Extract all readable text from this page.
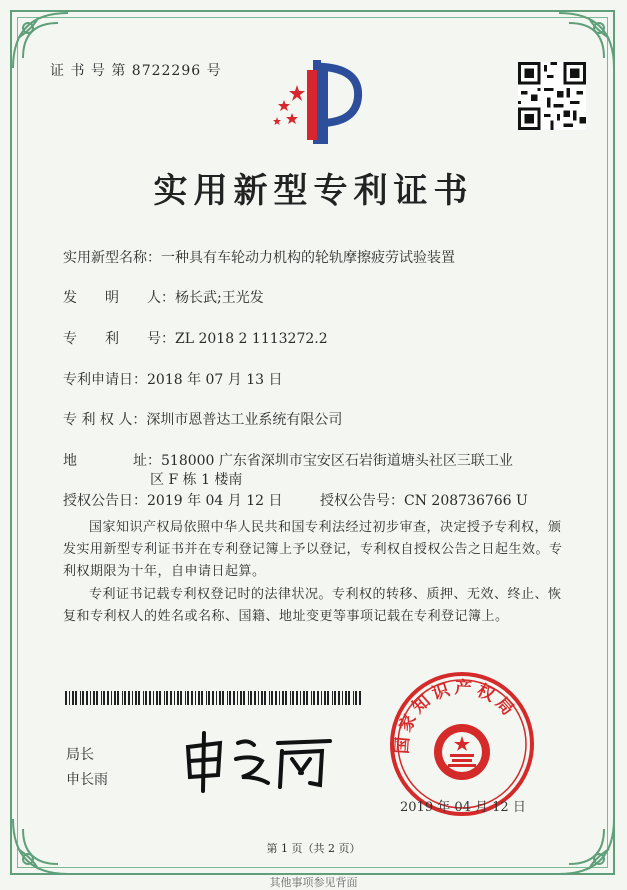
证 书 号 第 8722296 号
实用新型专利证书
实用新型名称：一种具有车轮动力机构的轮轨摩擦疲劳试验装置
发　　明　　人：杨长武;王光发
专　　利　　号：ZL 2018 2 1113272.2
专利申请日：2018 年 07 月 13 日
专 利 权 人：深圳市恩普达工业系统有限公司
地　　　　址：518000 广东省深圳市宝安区石岩街道塘头社区三联工业
区 F 栋 1 楼南
授权公告日：2019 年 04 月 12 日	授权公告号：CN 208736766 U
国家知识产权局依照中华人民共和国专利法经过初步审查，决定授予专利权，颁发实用新型专利证书并在专利登记簿上予以登记，专利权自授权公告之日起生效。专利权期限为十年，自申请日起算。
专利证书记载专利权登记时的法律状况。专利权的转移、质押、无效、终止、恢复和专利权人的姓名或名称、国籍、地址变更等事项记载在专利登记簿上。
局长
申长雨
国家知识产权局
2019 年 04 月 12 日
第 1 页（共 2 页）
其他事项参见背面
